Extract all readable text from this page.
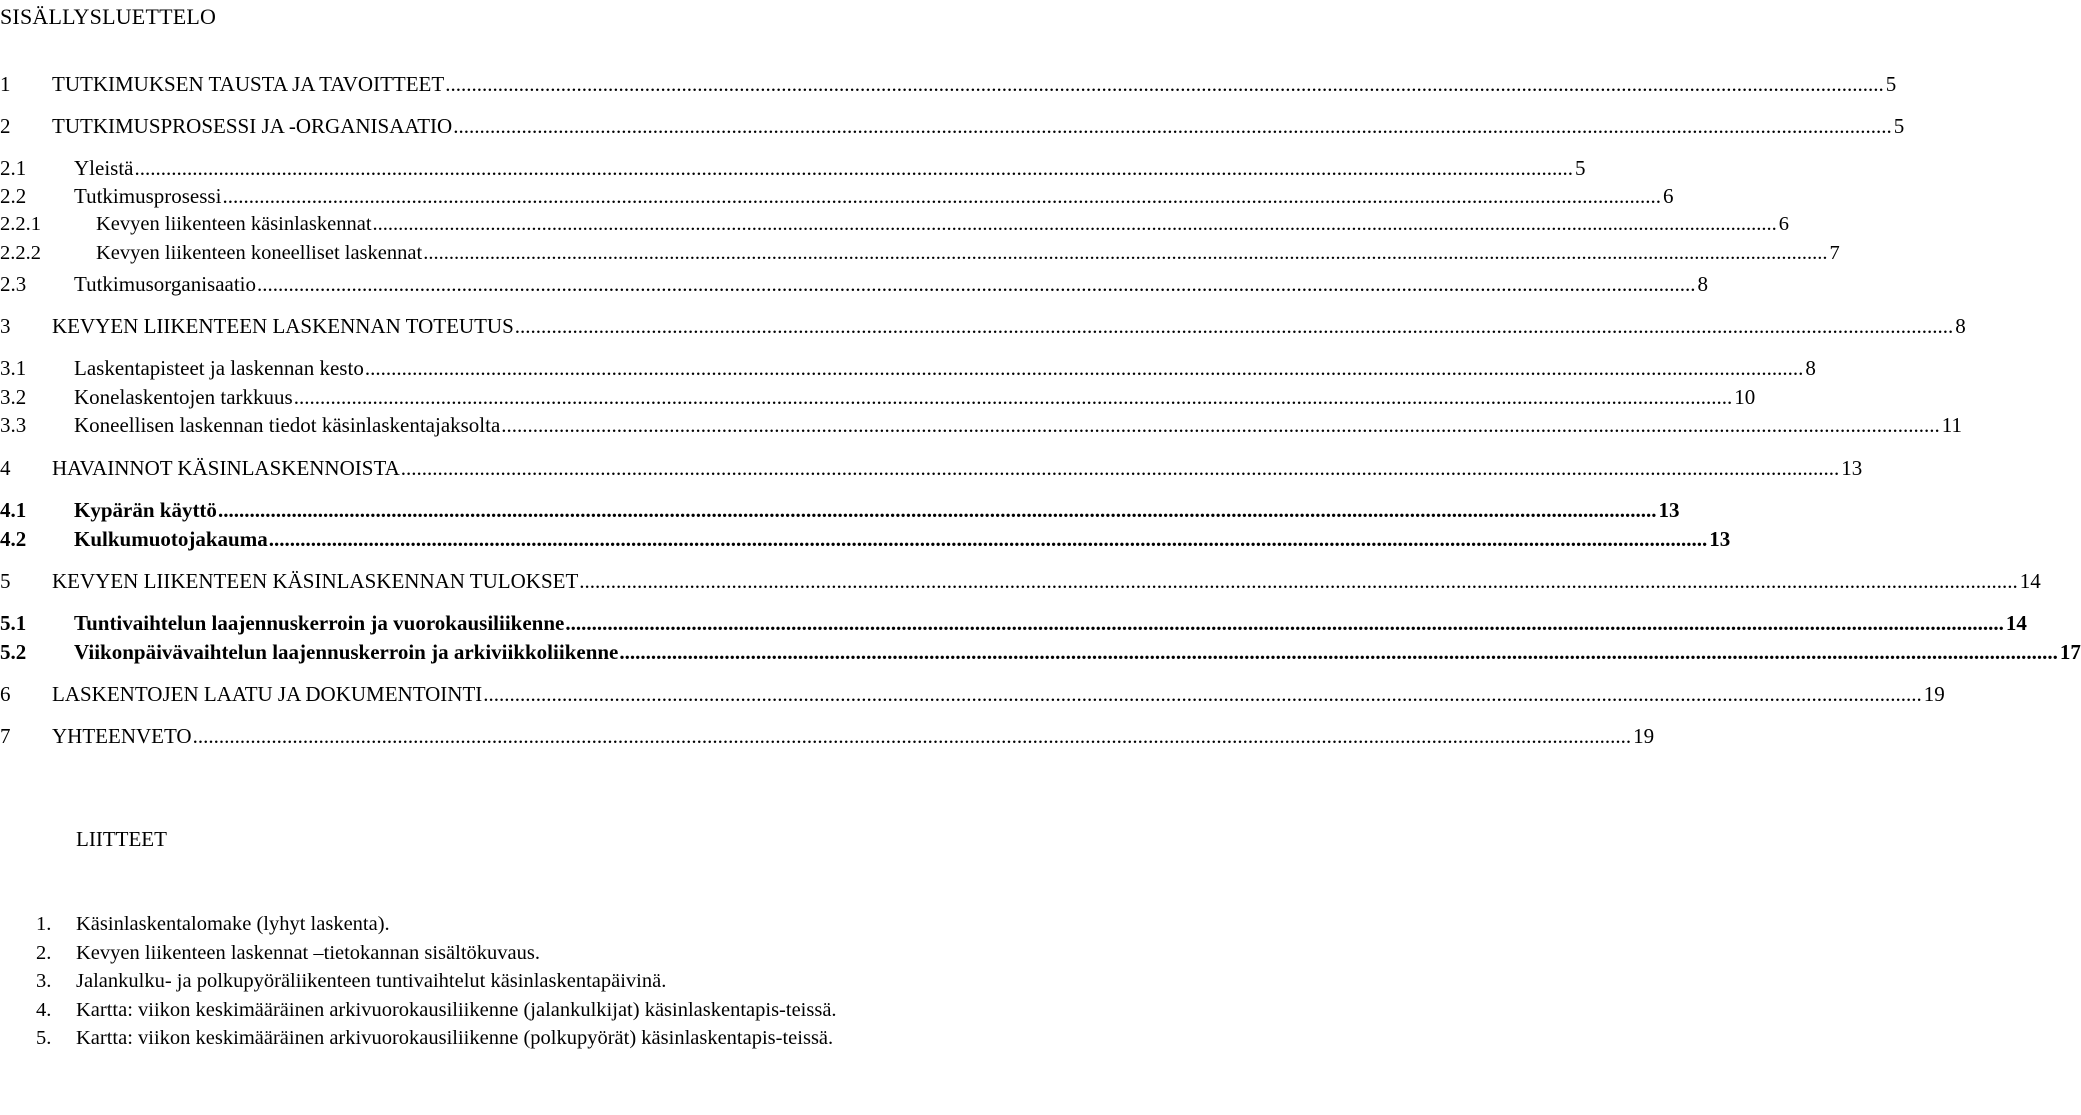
SISÄLLYSLUETTELO
1	TUTKIMUKSEN TAUSTA JA TAVOITTEET .................................................................................................................................................................................................................................................................................. 5
2	TUTKIMUSPROSESSI JA -ORGANISAATIO .................................................................................................................................................................................................................................................................................. 5
2.1	Yleistä .................................................................................................................................................................................................................................................................................. 5
2.2	Tutkimusprosessi .................................................................................................................................................................................................................................................................................. 6
2.2.1	Kevyen liikenteen käsinlaskennat .................................................................................................................................................................................................................................................................................. 6
2.2.2	Kevyen liikenteen koneelliset laskennat .................................................................................................................................................................................................................................................................................. 7
2.3	Tutkimusorganisaatio .................................................................................................................................................................................................................................................................................. 8
3	KEVYEN LIIKENTEEN LASKENNAN TOTEUTUS .................................................................................................................................................................................................................................................................................. 8
3.1	Laskentapisteet ja laskennan kesto .................................................................................................................................................................................................................................................................................. 8
3.2	Konelaskentojen tarkkuus .................................................................................................................................................................................................................................................................................. 10
3.3	Koneellisen laskennan tiedot käsinlaskentajaksolta .................................................................................................................................................................................................................................................................................. 11
4	HAVAINNOT KÄSINLASKENNOISTA .................................................................................................................................................................................................................................................................................. 13
4.1	Kypärän käyttö .................................................................................................................................................................................................................................................................................. 13
4.2	Kulkumuotojakauma .................................................................................................................................................................................................................................................................................. 13
5	KEVYEN LIIKENTEEN KÄSINLASKENNAN TULOKSET .................................................................................................................................................................................................................................................................................. 14
5.1	Tuntivaihtelun laajennuskerroin ja vuorokausiliikenne .................................................................................................................................................................................................................................................................................. 14
5.2	Viikonpäivävaihtelun laajennuskerroin ja arkiviikkoliikenne .................................................................................................................................................................................................................................................................................. 17
6	LASKENTOJEN LAATU JA DOKUMENTOINTI .................................................................................................................................................................................................................................................................................. 19
7	YHTEENVETO .................................................................................................................................................................................................................................................................................. 19
LIITTEET
1.	Käsinlaskentalomake (lyhyt laskenta).
2.	Kevyen liikenteen laskennat –tietokannan sisältökuvaus.
3.	Jalankulku- ja polkupyöräliikenteen tuntivaihtelut käsinlaskentapäivinä.
4.	Kartta: viikon keskimääräinen arkivuorokausiliikenne (jalankulkijat) käsinlaskentapis-teissä.
5.	Kartta: viikon keskimääräinen arkivuorokausiliikenne (polkupyörät) käsinlaskentapis-teissä.
